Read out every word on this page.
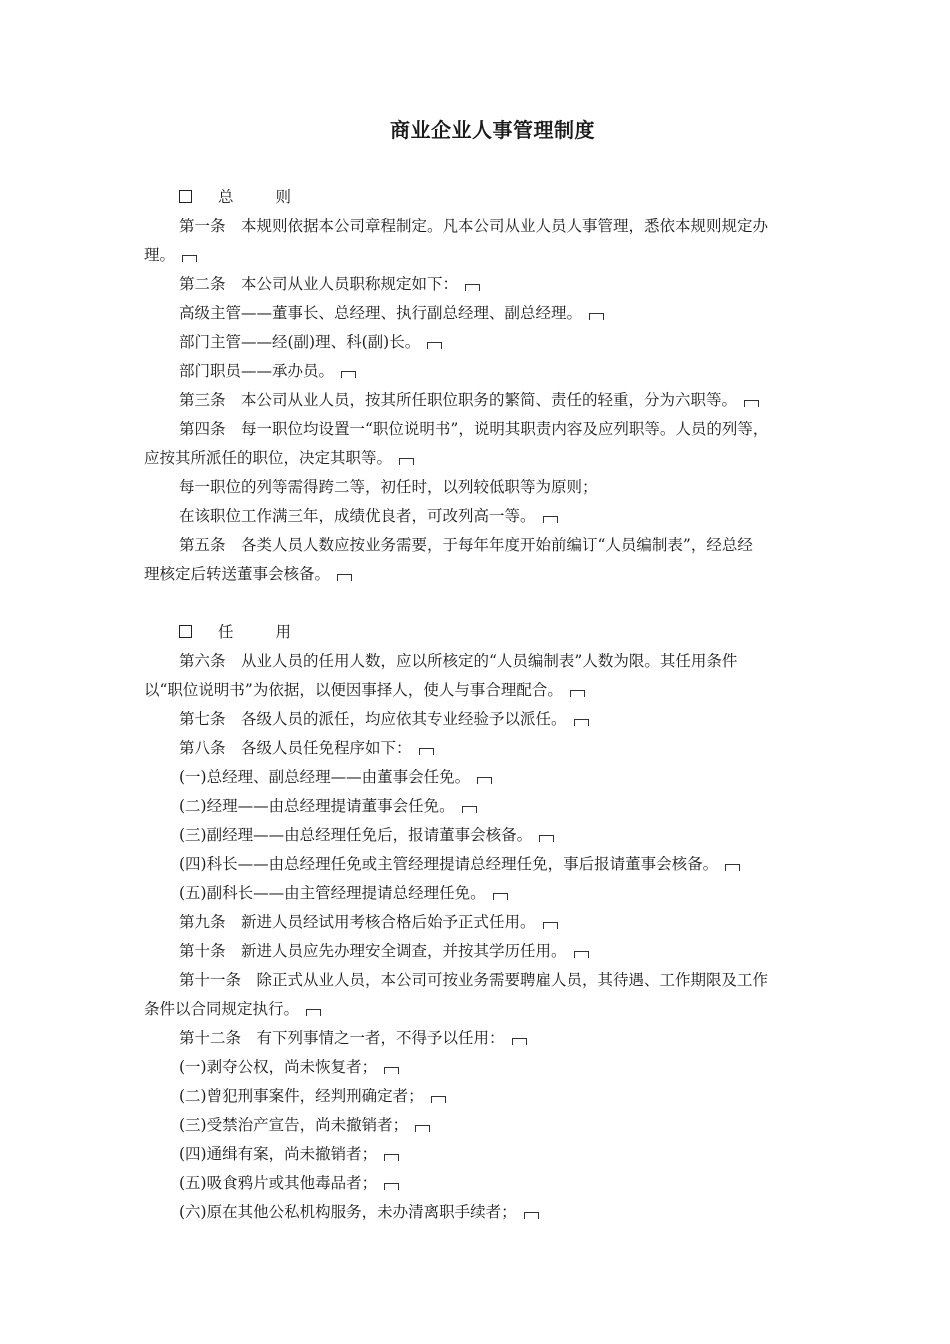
商业企业人事管理制度
总	则
第一条　本规则依据本公司章程制定。凡本公司从业人员人事管理，悉依本规则规定办
理。
第二条　本公司从业人员职称规定如下：
高级主管——董事长、总经理、执行副总经理、副总经理。
部门主管——经(副)理、科(副)长。
部门职员——承办员。
第三条　本公司从业人员，按其所任职位职务的繁简、责任的轻重，分为六职等。
第四条　每一职位均设置一“职位说明书”，说明其职责内容及应列职等。人员的列等，
应按其所派任的职位，决定其职等。
每一职位的列等需得跨二等，初任时，以列较低职等为原则；
在该职位工作满三年，成绩优良者，可改列高一等。
第五条　各类人员人数应按业务需要，于每年年度开始前编订“人员编制表”，经总经
理核定后转送董事会核备。
任	用
第六条　从业人员的任用人数，应以所核定的“人员编制表”人数为限。其任用条件
以“职位说明书”为依据，以便因事择人，使人与事合理配合。
第七条　各级人员的派任，均应依其专业经验予以派任。
第八条　各级人员任免程序如下：
(一)总经理、副总经理——由董事会任免。
(二)经理——由总经理提请董事会任免。
(三)副经理——由总经理任免后，报请董事会核备。
(四)科长——由总经理任免或主管经理提请总经理任免，事后报请董事会核备。
(五)副科长——由主管经理提请总经理任免。
第九条　新进人员经试用考核合格后始予正式任用。
第十条　新进人员应先办理安全调查，并按其学历任用。
第十一条　除正式从业人员，本公司可按业务需要聘雇人员，其待遇、工作期限及工作
条件以合同规定执行。
第十二条　有下列事情之一者，不得予以任用：
(一)剥夺公权，尚未恢复者；
(二)曾犯刑事案件，经判刑确定者；
(三)受禁治产宣告，尚未撤销者；
(四)通缉有案，尚未撤销者；
(五)吸食鸦片或其他毒品者；
(六)原在其他公私机构服务，未办清离职手续者；
